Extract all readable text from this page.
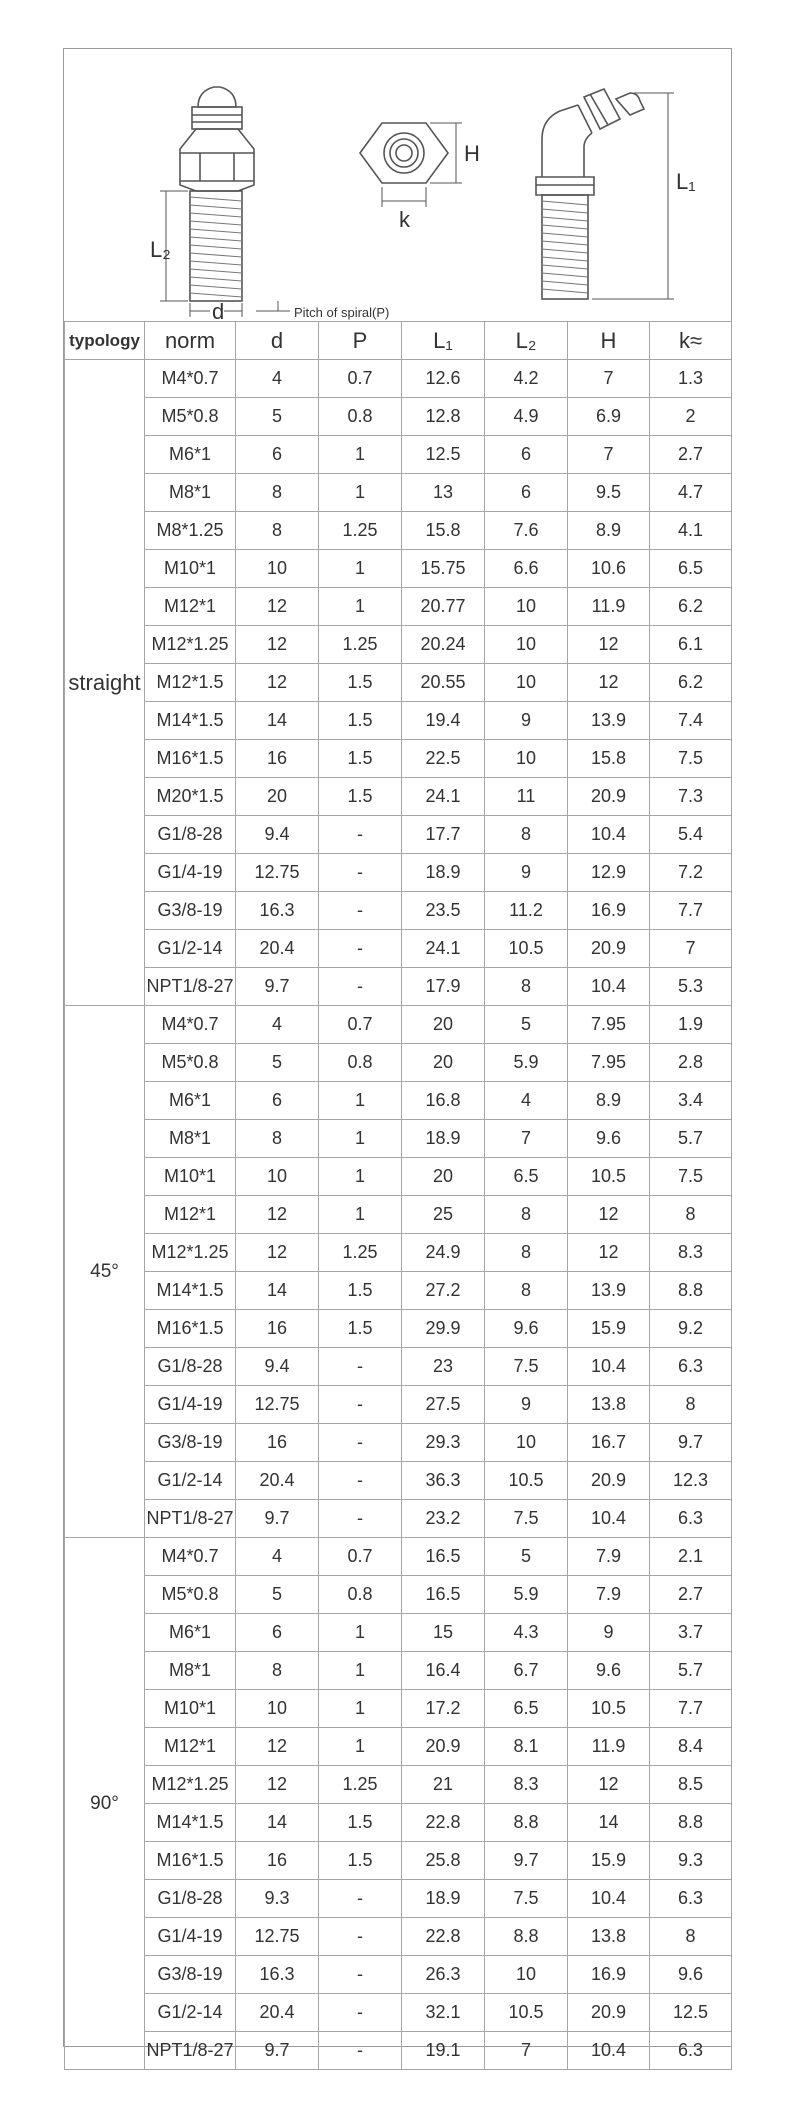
L₂
d	Pitch of spiral(P)
H
k
L₁
typology	norm	d	P	L₁	L₂	H	k≈
straight	M4*0.7	4	0.7	12.6	4.2	7	1.3
	M5*0.8	5	0.8	12.8	4.9	6.9	2
	M6*1	6	1	12.5	6	7	2.7
	M8*1	8	1	13	6	9.5	4.7
	M8*1.25	8	1.25	15.8	7.6	8.9	4.1
	M10*1	10	1	15.75	6.6	10.6	6.5
	M12*1	12	1	20.77	10	11.9	6.2
	M12*1.25	12	1.25	20.24	10	12	6.1
	M12*1.5	12	1.5	20.55	10	12	6.2
	M14*1.5	14	1.5	19.4	9	13.9	7.4
	M16*1.5	16	1.5	22.5	10	15.8	7.5
	M20*1.5	20	1.5	24.1	11	20.9	7.3
	G1/8-28	9.4	-	17.7	8	10.4	5.4
	G1/4-19	12.75	-	18.9	9	12.9	7.2
	G3/8-19	16.3	-	23.5	11.2	16.9	7.7
	G1/2-14	20.4	-	24.1	10.5	20.9	7
	NPT1/8-27	9.7	-	17.9	8	10.4	5.3
45°	M4*0.7	4	0.7	20	5	7.95	1.9
	M5*0.8	5	0.8	20	5.9	7.95	2.8
	M6*1	6	1	16.8	4	8.9	3.4
	M8*1	8	1	18.9	7	9.6	5.7
	M10*1	10	1	20	6.5	10.5	7.5
	M12*1	12	1	25	8	12	8
	M12*1.25	12	1.25	24.9	8	12	8.3
	M14*1.5	14	1.5	27.2	8	13.9	8.8
	M16*1.5	16	1.5	29.9	9.6	15.9	9.2
	G1/8-28	9.4	-	23	7.5	10.4	6.3
	G1/4-19	12.75	-	27.5	9	13.8	8
	G3/8-19	16	-	29.3	10	16.7	9.7
	G1/2-14	20.4	-	36.3	10.5	20.9	12.3
	NPT1/8-27	9.7	-	23.2	7.5	10.4	6.3
90°	M4*0.7	4	0.7	16.5	5	7.9	2.1
	M5*0.8	5	0.8	16.5	5.9	7.9	2.7
	M6*1	6	1	15	4.3	9	3.7
	M8*1	8	1	16.4	6.7	9.6	5.7
	M10*1	10	1	17.2	6.5	10.5	7.7
	M12*1	12	1	20.9	8.1	11.9	8.4
	M12*1.25	12	1.25	21	8.3	12	8.5
	M14*1.5	14	1.5	22.8	8.8	14	8.8
	M16*1.5	16	1.5	25.8	9.7	15.9	9.3
	G1/8-28	9.3	-	18.9	7.5	10.4	6.3
	G1/4-19	12.75	-	22.8	8.8	13.8	8
	G3/8-19	16.3	-	26.3	10	16.9	9.6
	G1/2-14	20.4	-	32.1	10.5	20.9	12.5
	NPT1/8-27	9.7	-	19.1	7	10.4	6.3
